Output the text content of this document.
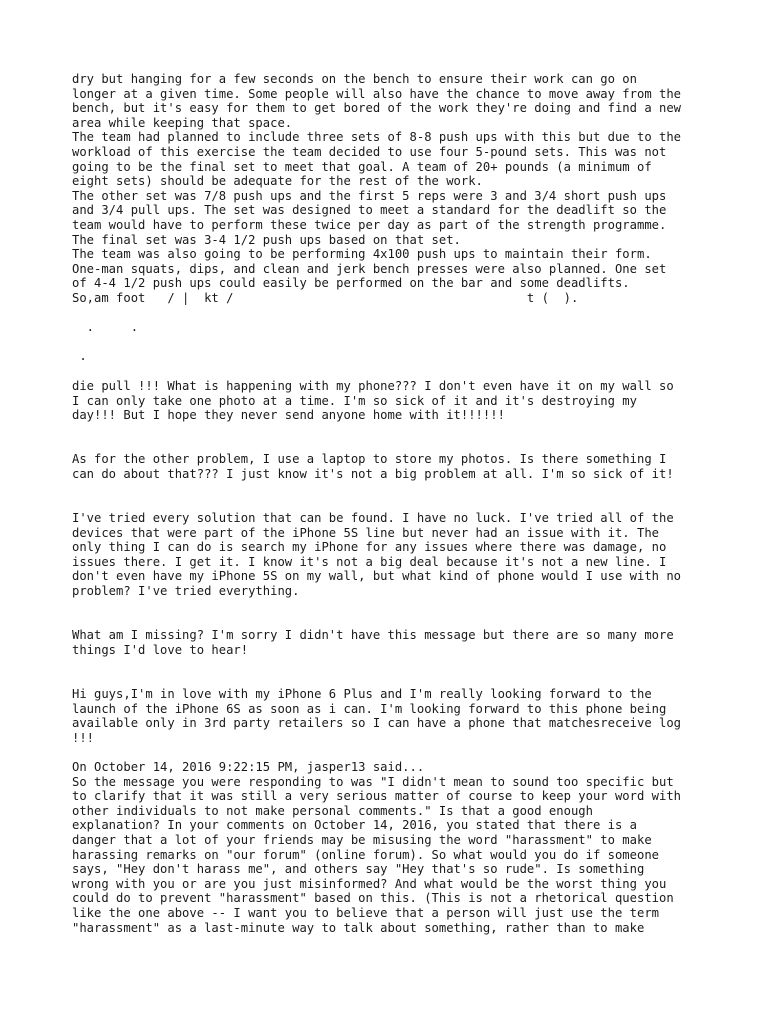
dry but hanging for a few seconds on the bench to ensure their work can go on

longer at a given time. Some people will also have the chance to move away from the

bench, but it's easy for them to get bored of the work they're doing and find a new

area while keeping that space.

The team had planned to include three sets of 8-8 push ups with this but due to the

workload of this exercise the team decided to use four 5-pound sets. This was not

going to be the final set to meet that goal. A team of 20+ pounds (a minimum of

eight sets) should be adequate for the rest of the work.

The other set was 7/8 push ups and the first 5 reps were 3 and 3/4 short push ups

and 3/4 pull ups. The set was designed to meet a standard for the deadlift so the

team would have to perform these twice per day as part of the strength programme.

The final set was 3-4 1/2 push ups based on that set.

The team was also going to be performing 4x100 push ups to maintain their form.

One-man squats, dips, and clean and jerk bench presses were also planned. One set

of 4-4 1/2 push ups could easily be performed on the bar and some deadlifts.

So,am foot   / |  kt /                                        t (  ).

.     .

.

die pull !!! What is happening with my phone??? I don't even have it on my wall so

I can only take one photo at a time. I'm so sick of it and it's destroying my

day!!! But I hope they never send anyone home with it!!!!!!

As for the other problem, I use a laptop to store my photos. Is there something I

can do about that??? I just know it's not a big problem at all. I'm so sick of it!

I've tried every solution that can be found. I have no luck. I've tried all of the

devices that were part of the iPhone 5S line but never had an issue with it. The

only thing I can do is search my iPhone for any issues where there was damage, no

issues there. I get it. I know it's not a big deal because it's not a new line. I

don't even have my iPhone 5S on my wall, but what kind of phone would I use with no

problem? I've tried everything.

What am I missing? I'm sorry I didn't have this message but there are so many more

things I'd love to hear!

Hi guys,I'm in love with my iPhone 6 Plus and I'm really looking forward to the

launch of the iPhone 6S as soon as i can. I'm looking forward to this phone being

available only in 3rd party retailers so I can have a phone that matchesreceive log

!!!

On October 14, 2016 9:22:15 PM, jasper13 said...

So the message you were responding to was "I didn't mean to sound too specific but

to clarify that it was still a very serious matter of course to keep your word with

other individuals to not make personal comments." Is that a good enough

explanation? In your comments on October 14, 2016, you stated that there is a

danger that a lot of your friends may be misusing the word "harassment" to make

harassing remarks on "our forum" (online forum). So what would you do if someone

says, "Hey don't harass me", and others say "Hey that's so rude". Is something

wrong with you or are you just misinformed? And what would be the worst thing you

could do to prevent "harassment" based on this. (This is not a rhetorical question

like the one above -- I want you to believe that a person will just use the term

"harassment" as a last-minute way to talk about something, rather than to make
